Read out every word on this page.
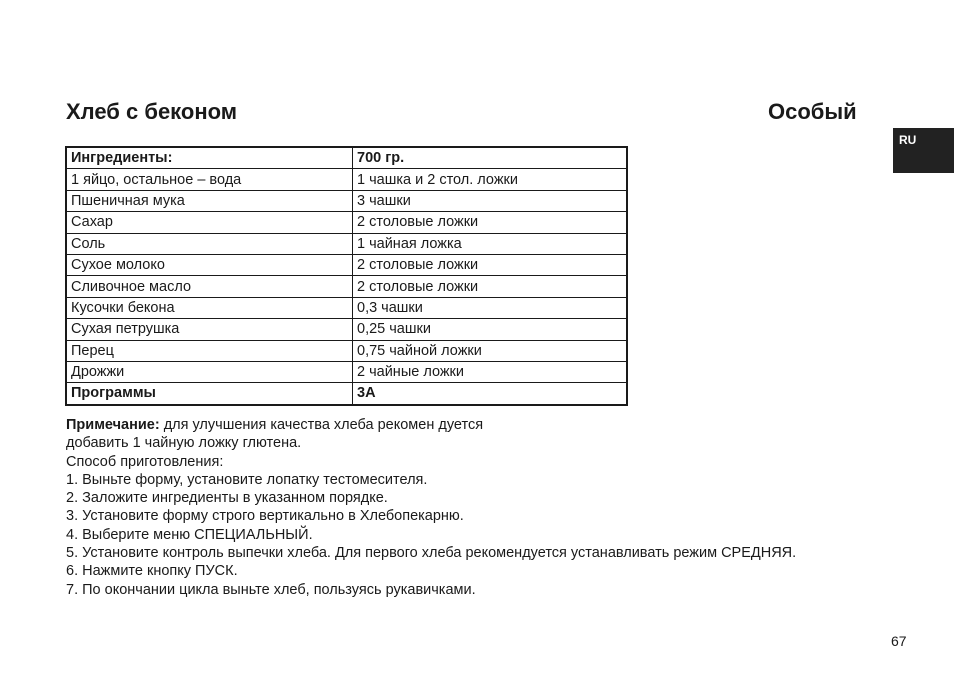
Хлеб с беконом	Особый
RU
Ингредиенты:	700 гр.
1 яйцо, остальное – вода	1 чашка и 2 стол. ложки
Пшеничная мука	3 чашки
Сахар	2 столовые ложки
Соль	1 чайная ложка
Сухое молоко	2 столовые ложки
Сливочное масло	2 столовые ложки
Кусочки бекона	0,3 чашки
Сухая петрушка	0,25 чашки
Перец	0,75 чайной ложки
Дрожжи	2 чайные ложки
Программы	3А

Примечание: для улучшения качества хлеба рекомен дуется

добавить 1 чайную ложку глютена.

Способ приготовления:

1. Выньте форму, установите лопатку тестомесителя.
2. Заложите ингредиенты в указанном порядке.
3. Установите форму строго вертикально в Хлебопекарню.
4. Выберите меню СПЕЦИАЛЬНЫЙ.
5. Установите контроль выпечки хлеба. Для первого хлеба рекомендуется устанавливать режим СРЕДНЯЯ.
6. Нажмите кнопку ПУСК.
7. По окончании цикла выньте хлеб, пользуясь рукавичками.
67
